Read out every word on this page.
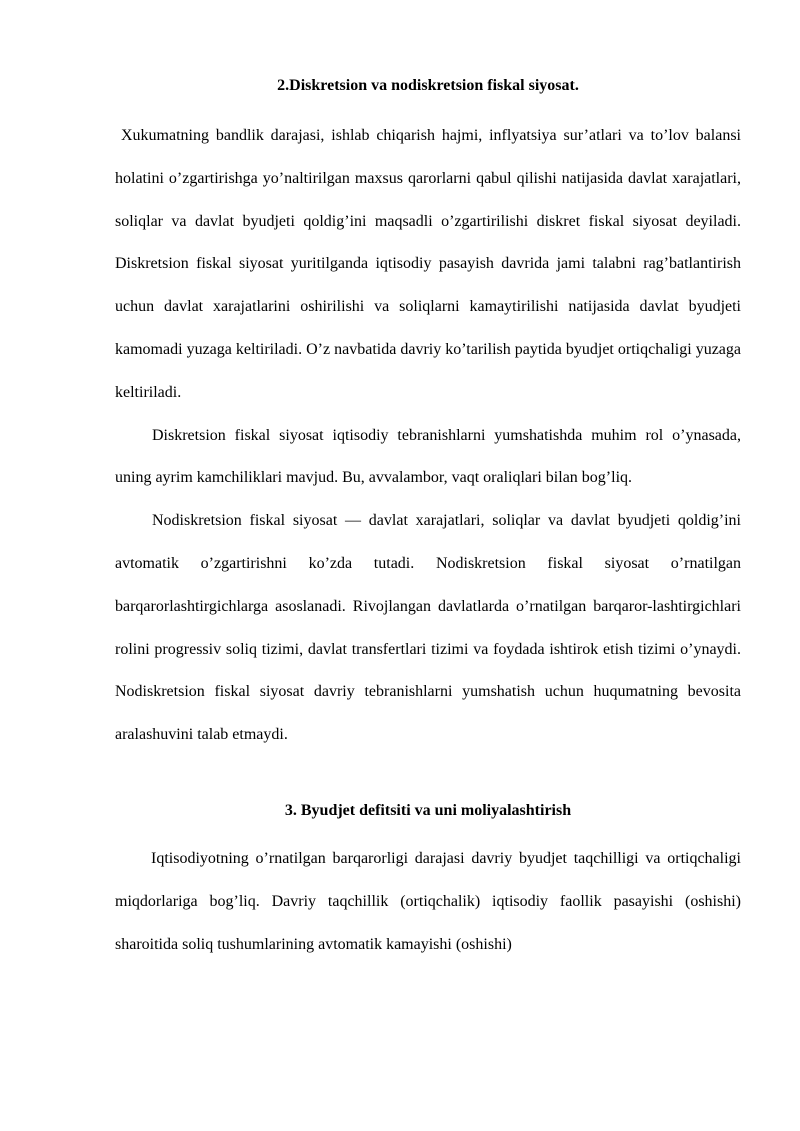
2.Diskretsion va nodiskretsion fiskal siyosat.

Xukumatning bandlik darajasi, ishlab chiqarish hajmi, inflyatsiya sur’atlari va to’lov balansi holatini o’zgartirishga yo’naltirilgan maxsus qarorlarni qabul qilishi natijasida davlat xarajatlari, soliqlar va davlat byudjeti qoldig’ini maqsadli o’zgartirilishi diskret fiskal siyosat deyiladi. Diskretsion fiskal siyosat yuritilganda iqtisodiy pasayish davrida jami talabni rag’batlantirish uchun davlat xarajatlarini oshirilishi va soliqlarni kamaytirilishi natijasida davlat byudjeti kamomadi yuzaga keltiriladi. O’z navbatida davriy ko’tarilish paytida byudjet ortiqchaligi yuzaga keltiriladi.

Diskretsion fiskal siyosat iqtisodiy tebranishlarni yumshatishda muhim rol o’ynasada, uning ayrim kamchiliklari mavjud. Bu, avvalambor, vaqt oraliqlari bilan bog’liq.

Nodiskretsion fiskal siyosat — davlat xarajatlari, soliqlar va davlat byudjeti qoldig’ini avtomatik o’zgartirishni ko’zda tutadi. Nodiskretsion fiskal siyosat o’rnatilgan barqarorlashtirgichlarga asoslanadi. Rivojlangan davlatlarda o’rnatilgan barqaror-lashtirgichlari rolini progressiv soliq tizimi, davlat transfertlari tizimi va foydada ishtirok etish tizimi o’ynaydi. Nodiskretsion fiskal siyosat davriy tebranishlarni yumshatish uchun huqumatning bevosita aralashuvini talab etmaydi.

3. Byudjet defitsiti va uni moliyalashtirish

Iqtisodiyotning o’rnatilgan barqarorligi darajasi davriy byudjet taqchilligi va ortiqchaligi miqdorlariga bog’liq. Davriy taqchillik (ortiqchalik) iqtisodiy faollik pasayishi (oshishi) sharoitida soliq tushumlarining avtomatik kamayishi (oshishi)
